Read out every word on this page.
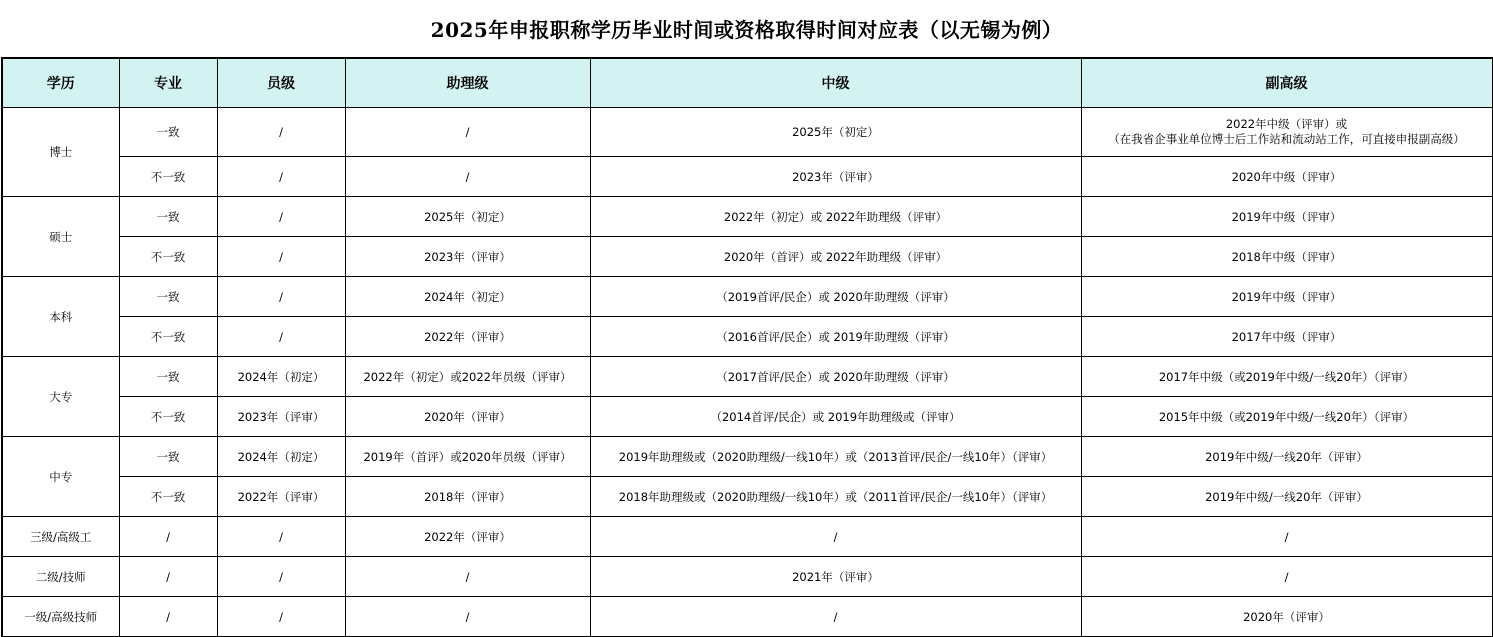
2025年申报职称学历毕业时间或资格取得时间对应表（以无锡为例）
学历	专业	员级	助理级	中级	副高级
博士	一致	/	/	2025年（初定）	2022年中级（评审）或
（在我省企事业单位博士后工作站和流动站工作，可直接申报副高级）

	不一致	/	/	2023年（评审）	2020年中级（评审）
硕士	一致	/	2025年（初定）	2022年（初定）或 2022年助理级（评审）	2019年中级（评审）
	不一致	/	2023年（评审）	2020年（首评）或 2022年助理级（评审）	2018年中级（评审）
本科	一致	/	2024年（初定）	（2019首评/民企）或 2020年助理级（评审）	2019年中级（评审）
	不一致	/	2022年（评审）	（2016首评/民企）或 2019年助理级（评审）	2017年中级（评审）
大专	一致	2024年（初定）	2022年（初定）或2022年员级（评审）	（2017首评/民企）或 2020年助理级（评审）	2017年中级（或2019年中级/一线20年）（评审）
	不一致	2023年（评审）	2020年（评审）	（2014首评/民企）或 2019年助理级或（评审）	2015年中级（或2019年中级/一线20年）（评审）
中专	一致	2024年（初定）	2019年（首评）或2020年员级（评审）	2019年助理级或（2020助理级/一线10年）或（2013首评/民企/一线10年）（评审）	2019年中级/一线20年（评审）
	不一致	2022年（评审）	2018年（评审）	2018年助理级或（2020助理级/一线10年）或（2011首评/民企/一线10年）（评审）	2019年中级/一线20年（评审）
三级/高级工	/	/	2022年（评审）	/	/
二级/技师	/	/	/	2021年（评审）	/
一级/高级技师	/	/	/	/	2020年（评审）
